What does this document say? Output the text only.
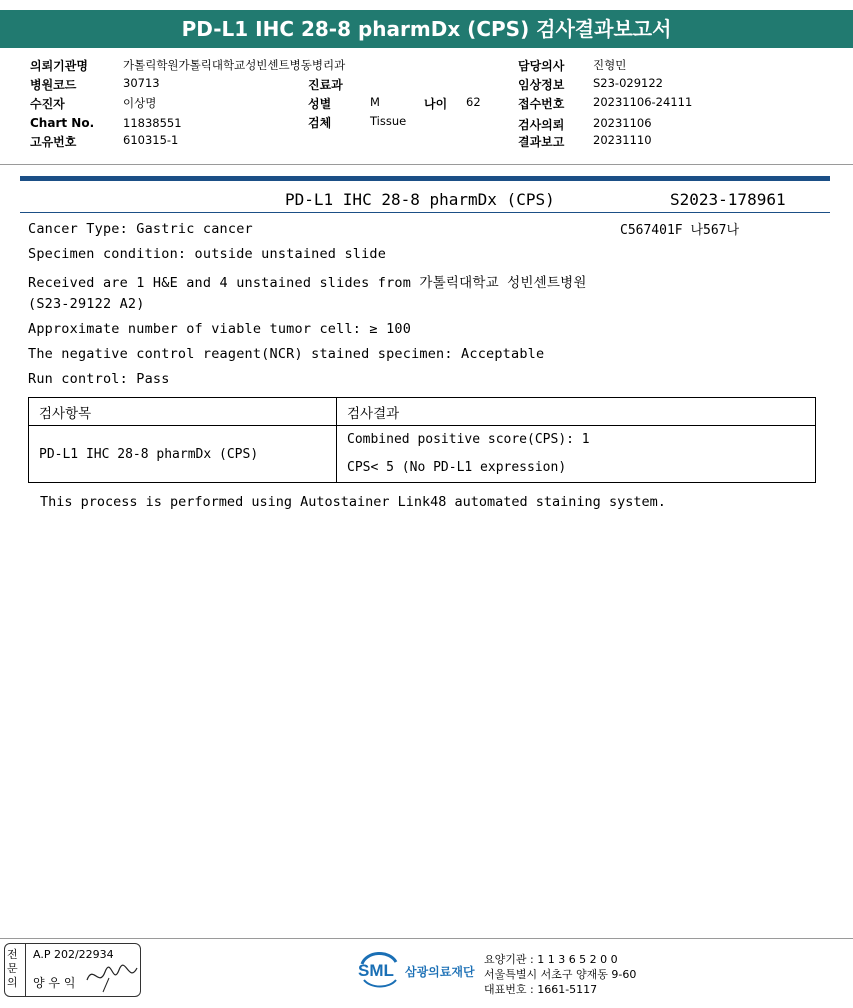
PD-L1 IHC 28-8 pharmDx (CPS) 검사결과보고서
의뢰기관명	가톨릭학원가톨릭대학교성빈센트병동병리과
병원코드	30713
수진자	이상명
Chart No.	11838551
고유번호	610315-1
진료과
성별	M	나이 62
검체	Tissue
담당의사 진형민
임상정보 S23-029122
접수번호 20231106-24111
검사의뢰 20231106
결과보고 20231110
PD-L1 IHC 28-8 pharmDx (CPS)	S2023-178961
C567401F 나567나
Cancer Type: Gastric cancer
Specimen condition: outside unstained slide
Received are 1 H&E and 4 unstained slides from 가톨릭대학교 성빈센트병원
(S23-29122 A2)
Approximate number of viable tumor cell: ≥ 100
The negative control reagent(NCR) stained specimen: Acceptable
Run control: Pass
검사항목	검사결과
PD-L1 IHC 28-8 pharmDx (CPS)	Combined positive score(CPS): 1
CPS< 5 (No PD-L1 expression)
This process is performed using Autostainer Link48 automated staining system.
전문의
A.P 202/22934
양 우 익
SML 삼광의료재단
요양기관 : 1 1 3 6 5 2 0 0
서울특별시 서초구 양재동 9-60
대표번호 : 1661-5117
